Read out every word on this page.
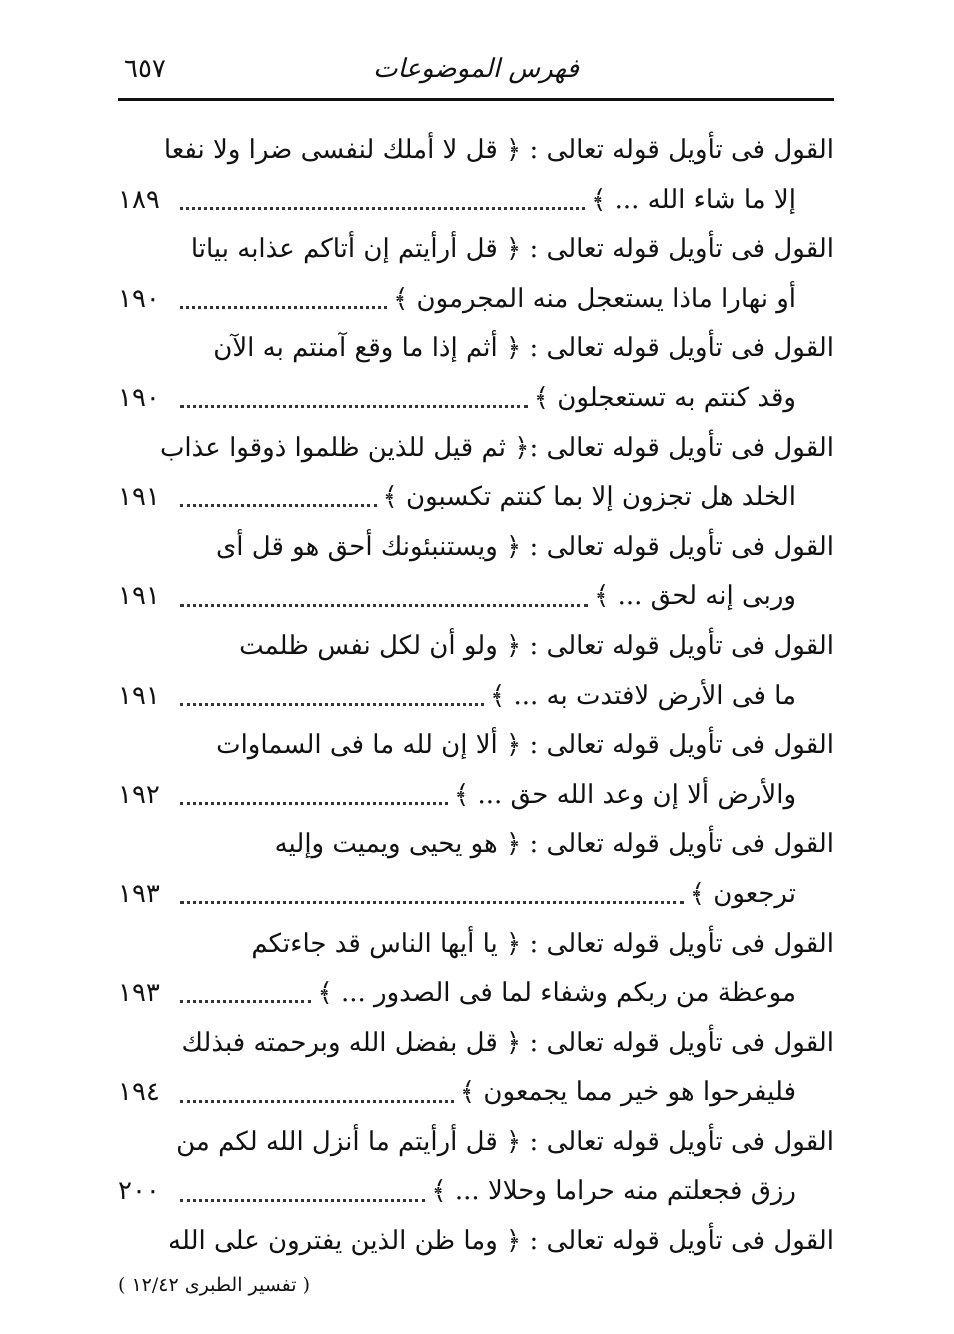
فهرس الموضوعات
٦٥٧
القول فى تأويل قوله تعالى : ﴿ قل لا أملك لنفسى ضرا ولا نفعا
إلا ما شاء الله ... ﴾
١٨٩
القول فى تأويل قوله تعالى : ﴿ قل أرأيتم إن أتاكم عذابه بياتا
أو نهارا ماذا يستعجل منه المجرمون ﴾
١٩٠
القول فى تأويل قوله تعالى : ﴿ أثم إذا ما وقع آمنتم به الآن
وقد كنتم به تستعجلون ﴾
١٩٠
القول فى تأويل قوله تعالى :﴿ ثم قيل للذين ظلموا ذوقوا عذاب
الخلد هل تجزون إلا بما كنتم تكسبون ﴾
١٩١
القول فى تأويل قوله تعالى : ﴿ ويستنبئونك أحق هو قل أى
وربى إنه لحق ... ﴾
١٩١
القول فى تأويل قوله تعالى : ﴿ ولو أن لكل نفس ظلمت
ما فى الأرض لافتدت به ... ﴾
١٩١
القول فى تأويل قوله تعالى : ﴿ ألا إن لله ما فى السماوات
والأرض ألا إن وعد الله حق ... ﴾
١٩٢
القول فى تأويل قوله تعالى : ﴿ هو يحيى ويميت وإليه
ترجعون ﴾
١٩٣
القول فى تأويل قوله تعالى : ﴿ يا أيها الناس قد جاءتكم
موعظة من ربكم وشفاء لما فى الصدور ... ﴾
١٩٣
القول فى تأويل قوله تعالى : ﴿ قل بفضل الله وبرحمته فبذلك
فليفرحوا هو خير مما يجمعون ﴾
١٩٤
القول فى تأويل قوله تعالى : ﴿ قل أرأيتم ما أنزل الله لكم من
رزق فجعلتم منه حراما وحلالا ... ﴾
٢٠٠
القول فى تأويل قوله تعالى : ﴿ وما ظن الذين يفترون على الله
( تفسير الطبرى ١٢/٤٢ )
